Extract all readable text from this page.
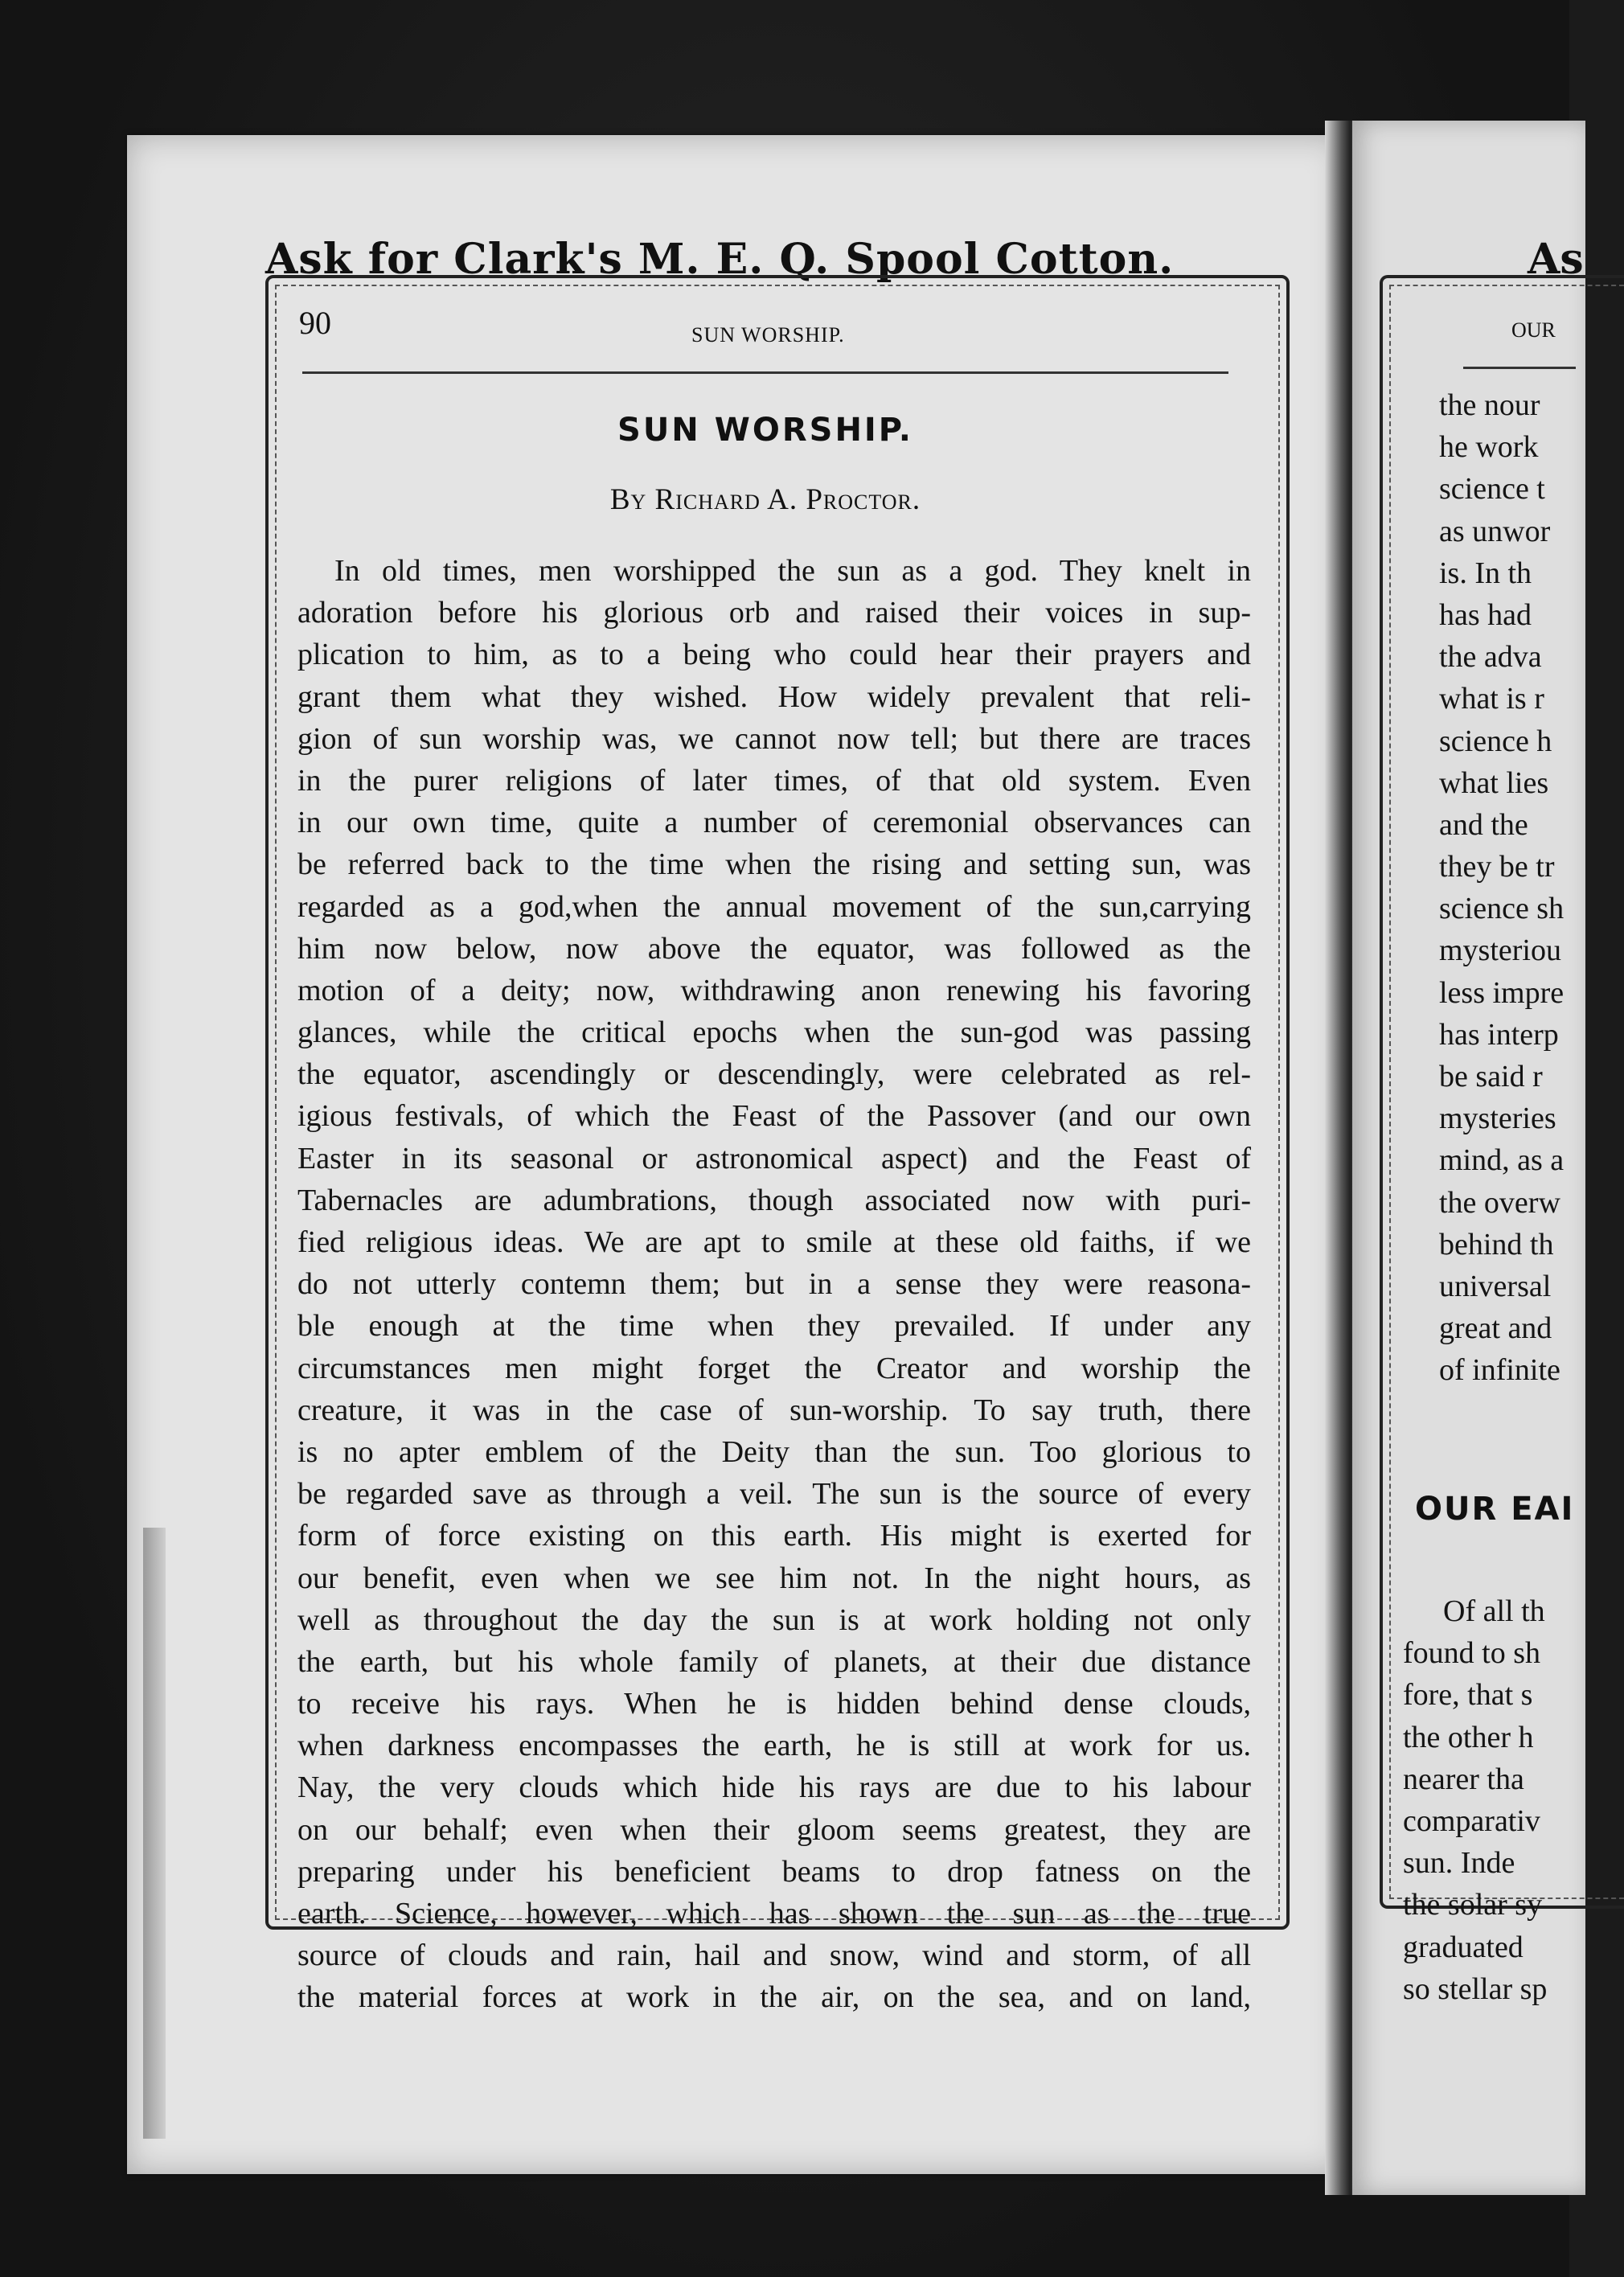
Ask for Clark's M. E. Q. Spool Cotton.
90	SUN WORSHIP.
SUN WORSHIP.
By Richard A. Proctor.
In old times, men worshipped the sun as a god. They knelt in
adoration before his glorious orb and raised their voices in sup-
plication to him, as to a being who could hear their prayers and
grant them what they wished. How widely prevalent that reli-
gion of sun worship was, we cannot now tell; but there are traces
in the purer religions of later times, of that old system. Even
in our own time, quite a number of ceremonial observances can
be referred back to the time when the rising and setting sun, was
regarded as a god,when the annual movement of the sun,carrying
him now below, now above the equator, was followed as the
motion of a deity; now, withdrawing anon renewing his favoring
glances, while the critical epochs when the sun-god was passing
the equator, ascendingly or descendingly, were celebrated as rel-
igious festivals, of which the Feast of the Passover (and our own
Easter in its seasonal or astronomical aspect) and the Feast of
Tabernacles are adumbrations, though associated now with puri-
fied religious ideas. We are apt to smile at these old faiths, if we
do not utterly contemn them; but in a sense they were reasona-
ble enough at the time when they prevailed. If under any
circumstances men might forget the Creator and worship the
creature, it was in the case of sun-worship. To say truth, there
is no apter emblem of the Deity than the sun. Too glorious to
be regarded save as through a veil. The sun is the source of every
form of force existing on this earth. His might is exerted for
our benefit, even when we see him not. In the night hours, as
well as throughout the day the sun is at work holding not only
the earth, but his whole family of planets, at their due distance
to receive his rays. When he is hidden behind dense clouds,
when darkness encompasses the earth, he is still at work for us.
Nay, the very clouds which hide his rays are due to his labour
on our behalf; even when their gloom seems greatest, they are
preparing under his beneficient beams to drop fatness on the
earth. Science, however, which has shown the sun as the true
source of clouds and rain, hail and snow, wind and storm, of all
the material forces at work in the air, on the sea, and on land,
As
OUR
the nour
he work
science t
as unwor
is. In th
has had
the adva
what is r
science h
what lies
and the
they be tr
science sh
mysteriou
less impre
has interp
be said r
mysteries
mind, as a
the overw
behind th
universal
great and
of infinite
OUR EAI
Of all th
found to sh
fore, that s
the other h
nearer tha
comparativ
sun. Inde
the solar sy
graduated
so stellar sp
